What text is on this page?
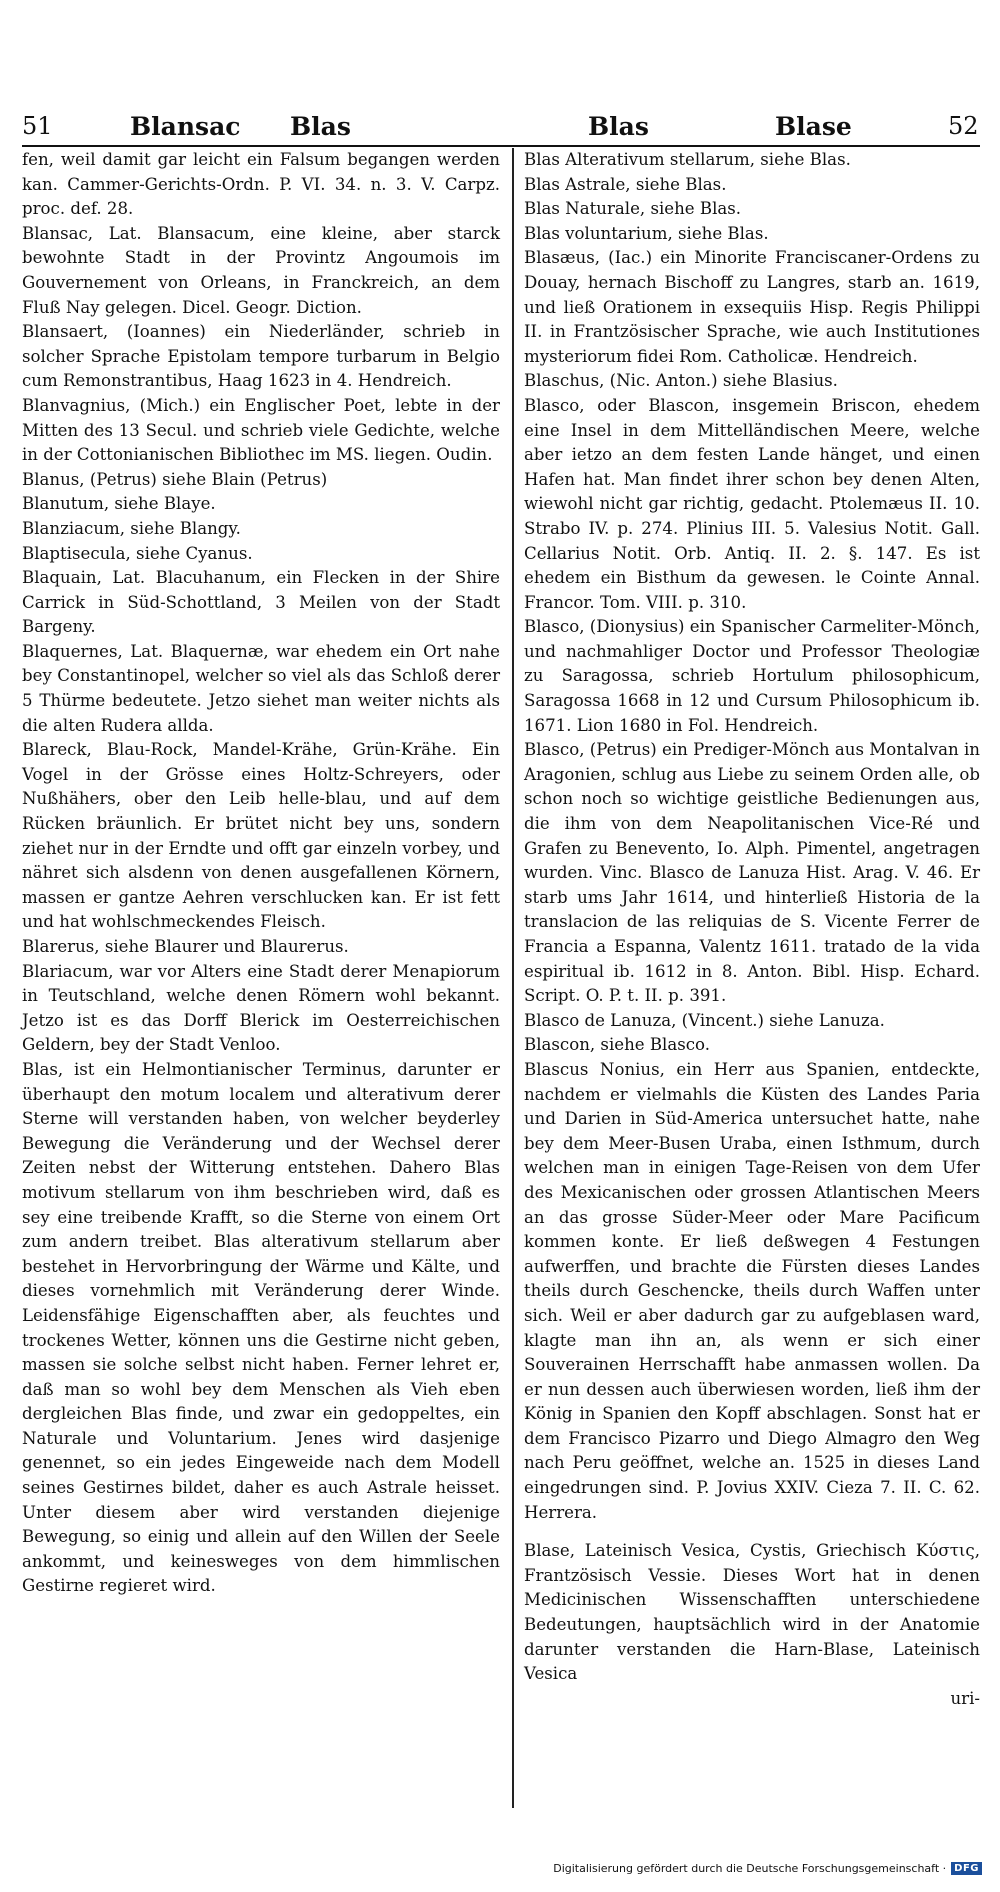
51	Blansac Blas	Blas	Blase	52

fen, weil damit gar leicht ein Falsum begangen werden kan. Cammer-Gerichts-Ordn. P. VI. 34. n. 3. V. Carpz. proc. def. 28.

Blansac, Lat. Blansacum, eine kleine, aber starck bewohnte Stadt in der Provintz Angoumois im Gouvernement von Orleans, in Franckreich, an dem Fluß Nay gelegen. Dicel. Geogr. Diction.

Blansaert, (Ioannes) ein Niederländer, schrieb in solcher Sprache Epistolam tempore turbarum in Belgio cum Remonstrantibus, Haag 1623 in 4. Hendreich.

Blanvagnius, (Mich.) ein Englischer Poet, lebte in der Mitten des 13 Secul. und schrieb viele Gedichte, welche in der Cottonianischen Bibliothec im MS. liegen. Oudin.

Blanus, (Petrus) siehe Blain (Petrus)

Blanutum, siehe Blaye.

Blanziacum, siehe Blangy.

Blaptisecula, siehe Cyanus.

Blaquain, Lat. Blacuhanum, ein Flecken in der Shire Carrick in Süd-Schottland, 3 Meilen von der Stadt Bargeny.

Blaquernes, Lat. Blaquernæ, war ehedem ein Ort nahe bey Constantinopel, welcher so viel als das Schloß derer 5 Thürme bedeutete. Jetzo siehet man weiter nichts als die alten Rudera allda.

Blareck, Blau-Rock, Mandel-Krähe, Grün-Krähe. Ein Vogel in der Grösse eines Holtz-Schreyers, oder Nußhähers, ober den Leib helle-blau, und auf dem Rücken bräunlich. Er brütet nicht bey uns, sondern ziehet nur in der Erndte und offt gar einzeln vorbey, und nähret sich alsdenn von denen ausgefallenen Körnern, massen er gantze Aehren verschlucken kan. Er ist fett und hat wohlschmeckendes Fleisch.

Blarerus, siehe Blaurer und Blaurerus.

Blariacum, war vor Alters eine Stadt derer Menapiorum in Teutschland, welche denen Römern wohl bekannt. Jetzo ist es das Dorff Blerick im Oesterreichischen Geldern, bey der Stadt Venloo.

Blas, ist ein Helmontianischer Terminus, darunter er überhaupt den motum localem und alterativum derer Sterne will verstanden haben, von welcher beyderley Bewegung die Veränderung und der Wechsel derer Zeiten nebst der Witterung entstehen. Dahero Blas motivum stellarum von ihm beschrieben wird, daß es sey eine treibende Krafft, so die Sterne von einem Ort zum andern treibet. Blas alterativum stellarum aber bestehet in Hervorbringung der Wärme und Kälte, und dieses vornehmlich mit Veränderung derer Winde. Leidensfähige Eigenschafften aber, als feuchtes und trockenes Wetter, können uns die Gestirne nicht geben, massen sie solche selbst nicht haben. Ferner lehret er, daß man so wohl bey dem Menschen als Vieh eben dergleichen Blas finde, und zwar ein gedoppeltes, ein Naturale und Voluntarium. Jenes wird dasjenige genennet, so ein jedes Eingeweide nach dem Modell seines Gestirnes bildet, daher es auch Astrale heisset. Unter diesem aber wird verstanden diejenige Bewegung, so einig und allein auf den Willen der Seele ankommt, und keinesweges von dem himmlischen Gestirne regieret wird.

Blas Alterativum stellarum, siehe Blas.

Blas Astrale, siehe Blas.

Blas Naturale, siehe Blas.

Blas voluntarium, siehe Blas.

Blasæus, (Iac.) ein Minorite Franciscaner-Ordens zu Douay, hernach Bischoff zu Langres, starb an. 1619, und ließ Orationem in exsequiis Hisp. Regis Philippi II. in Frantzösischer Sprache, wie auch Institutiones mysteriorum fidei Rom. Catholicæ. Hendreich.

Blaschus, (Nic. Anton.) siehe Blasius.

Blasco, oder Blascon, insgemein Briscon, ehedem eine Insel in dem Mittelländischen Meere, welche aber ietzo an dem festen Lande hänget, und einen Hafen hat. Man findet ihrer schon bey denen Alten, wiewohl nicht gar richtig, gedacht. Ptolemæus II. 10. Strabo IV. p. 274. Plinius III. 5. Valesius Notit. Gall. Cellarius Notit. Orb. Antiq. II. 2. §. 147. Es ist ehedem ein Bisthum da gewesen. le Cointe Annal. Francor. Tom. VIII. p. 310.

Blasco, (Dionysius) ein Spanischer Carmeliter-Mönch, und nachmahliger Doctor und Professor Theologiæ zu Saragossa, schrieb Hortulum philosophicum, Saragossa 1668 in 12 und Cursum Philosophicum ib. 1671. Lion 1680 in Fol. Hendreich.

Blasco, (Petrus) ein Prediger-Mönch aus Montalvan in Aragonien, schlug aus Liebe zu seinem Orden alle, ob schon noch so wichtige geistliche Bedienungen aus, die ihm von dem Neapolitanischen Vice-Ré und Grafen zu Benevento, Io. Alph. Pimentel, angetragen wurden. Vinc. Blasco de Lanuza Hist. Arag. V. 46. Er starb ums Jahr 1614, und hinterließ Historia de la translacion de las reliquias de S. Vicente Ferrer de Francia a Espanna, Valentz 1611. tratado de la vida espiritual ib. 1612 in 8. Anton. Bibl. Hisp. Echard. Script. O. P. t. II. p. 391.

Blasco de Lanuza, (Vincent.) siehe Lanuza.

Blascon, siehe Blasco.

Blascus Nonius, ein Herr aus Spanien, entdeckte, nachdem er vielmahls die Küsten des Landes Paria und Darien in Süd-America untersuchet hatte, nahe bey dem Meer-Busen Uraba, einen Isthmum, durch welchen man in einigen Tage-Reisen von dem Ufer des Mexicanischen oder grossen Atlantischen Meers an das grosse Süder-Meer oder Mare Pacificum kommen konte. Er ließ deßwegen 4 Festungen aufwerffen, und brachte die Fürsten dieses Landes theils durch Geschencke, theils durch Waffen unter sich. Weil er aber dadurch gar zu aufgeblasen ward, klagte man ihn an, als wenn er sich einer Souverainen Herrschafft habe anmassen wollen. Da er nun dessen auch überwiesen worden, ließ ihm der König in Spanien den Kopff abschlagen. Sonst hat er dem Francisco Pizarro und Diego Almagro den Weg nach Peru geöffnet, welche an. 1525 in dieses Land eingedrungen sind. P. Jovius XXIV. Cieza 7. II. C. 62. Herrera.

Blase, Lateinisch Vesica, Cystis, Griechisch Κύστις, Frantzösisch Vessie. Dieses Wort hat in denen Medicinischen Wissenschafften unterschiedene Bedeutungen, hauptsächlich wird in der Anatomie darunter verstanden die Harn-Blase, Lateinisch Vesica

uri-

Digitalisierung gefördert durch die Deutsche Forschungsgemeinschaft · DFG
